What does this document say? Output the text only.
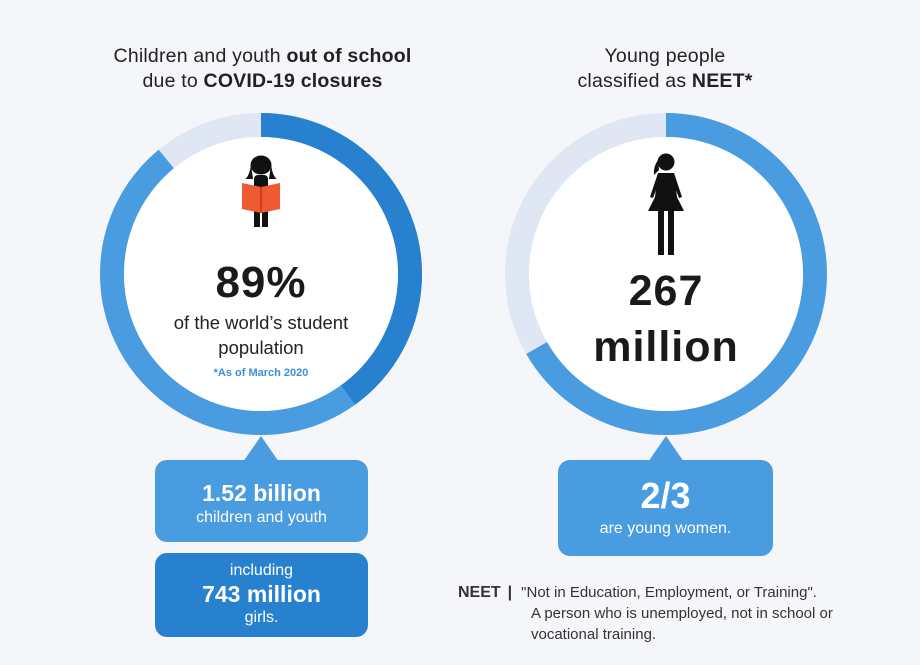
Children and youth out of school
due to COVID-19 closures
89%
of the world’s student
population
*As of March 2020
1.52 billion
children and youth
including
743 million
girls.
Young people
classified as NEET*
267
million
2/3
are young women.
NEET | "Not in Education, Employment, or Training".
A person who is unemployed, not in school or
vocational training.
